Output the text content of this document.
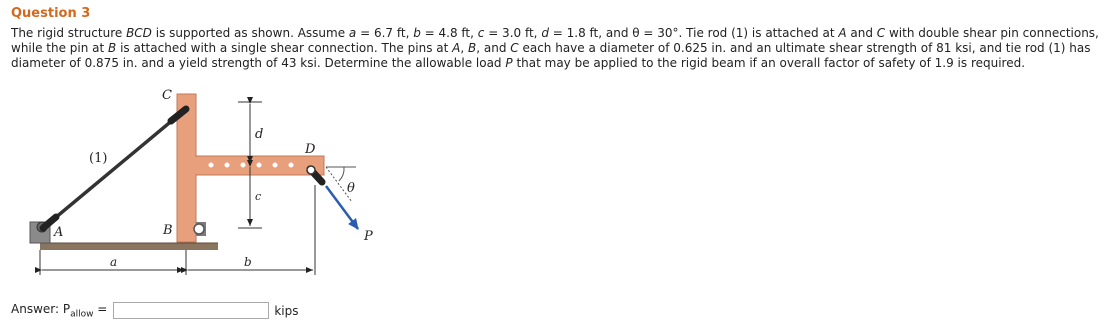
Question 3

The rigid structure BCD is supported as shown. Assume a = 6.7 ft, b = 4.8 ft, c = 3.0 ft, d = 1.8 ft, and θ = 30°. Tie rod (1) is attached at A and C with double shear pin connections, while the pin at B is attached with a single shear connection. The pins at A, B, and C each have a diameter of 0.625 in. and an ultimate shear strength of 81 ksi, and tie rod (1) has diameter of 0.875 in. and a yield strength of 43 ksi. Determine the allowable load P that may be applied to the rigid beam if an overall factor of safety of 1.9 is required.

C
d
D
(1)
θ
c
A	B	P
a	b
Answer: $P_{allow}$ =	kips
